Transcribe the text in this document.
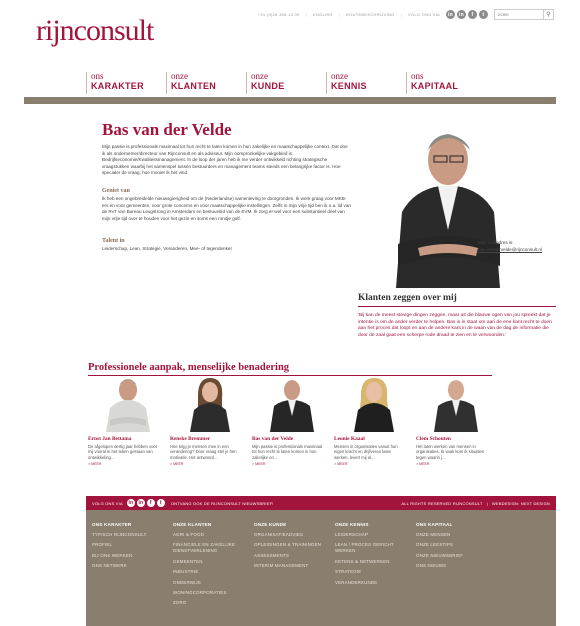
rijnconsult	+31 (0)26 355 13 00 | ENGLISH | ROUTEBESCHRIJVING | VOLG ONS VIA	in	in	f	t
ZOEK	⚲
ons
KARAKTER
onze
KLANTEN
onze
KUNDE
onze
KENNIS
ons
KAPITAAL
Bas van der Velde
Mijn passie is professionals maximaal tot hun recht te laten komen in hun zakelijke en maatschappelijke context. Dat doe ik als ondernemer/directeur van Rijnconsult en als adviseur. Mijn oorspronkelijke vakgebied is Bedrijfseconomie/Kwaliteitsmanagement. In de loop der jaren heb ik me verder ontwikkeld richting strategische vraagstukken waarbij het samenspel tussen bestuurders en management teams steeds een belangrijke factor is. Hoe specialer de vraag, hoe mooier ik het vind.
Geniet van
Ik heb een ongebreidelde nieuwsgierigheid om de (Nederlandse) samenleving te doorgronden. Ik werk graag voor MKB-ers en voor gemeenten, voor grote concerns en voor maatschappelijke instellingen. Zelfs in mijn vrije tijd ben ik o.a. lid van de RvT van Bureau Leugstrong in Amsterdam en bestuurslid van de EVM. Ik zorg er wel voor een substantieel deel van mijn vrije tijd over te houden voor het gezin en soms een rondje golf.
Talent in
Leiderschap, Lean, Strategie, Veranderen, Mee- of tegendenker
Mijn mailadres is:
bas.vandervelde@rijnconsult.nl
Klanten zeggen over mij
'Bij kan de meest stevige dingen zeggen, maar uit die blauwe ogen van jou spreekt dat je intentie is om de ander verder te helpen. Bas is in staat om aan de ene kant recht te doen aan het proces dat loopt en aan de andere kant in de waan van de dag de informatie die door de zaal gaat een scherpe rode draad te zien en te verwoorden.'
Professionele aanpak, menselijke benadering
Ernst Jan Bettama
De afgelopen dertig jaar hebben voor mij vooral in het teken gestaan van ontwikkeling...
> MEER
Renske Bremmer
Hoe krijg je mensen mee in een verandering? Door vraag stel je hen motivatie. Het antwoord...
> MEER
Bas van der Velde
Mijn passie is professionals maximaal tot hun recht te laten komen in hun zakelijke en...
> MEER
Leonie Kaaal
Mensen in organisaties vanuit hun eigen kracht en drijfveren laten werken, levert mij al...
> MEER
Clem Schouten
Het laten werken van mensen in organisaties. Ik vaak kom ik situaties tegen waarin j...
> MEER
VOLG ONS VIA	in	in	f	t	ONTVANG OOK DE RIJNCONSULT NIEUWSBRIEF!	ALL RIGHTS RESERVED RIJNCONSULT | WEBDESIGN: NEXT DESIGN
ONS KARAKTER
TYPISCH RIJNCONSULT
PROFIEL
BIJ ONS WERKEN
ONS NETWERK
ONZE KLANTEN
AGRI & FOOD
FINANCIELE EN ZAKELIJKE DIENSTVERLENING
GEMEENTEN
INDUSTRIE
ONDERWIJS
WONINGCORPORATIES
ZORG
ONZE KUNDE
ORGANISATIEADVIES
OPLEIDINGEN & TRAININGEN
ASSESSMENTS
INTERIM MANAGEMENT
ONZE KENNIS
LEIDERSCHAP
LEAN / PROCES GERICHT WERKEN
KETENS & NETWERKEN
STRATEGIE
VERANDERKUNDE
ONS KAPITAAL
ONZE MENSEN
ONZE LEESTIPS
ONZE NIEUWSBRIEF
ONS NIEUWS
